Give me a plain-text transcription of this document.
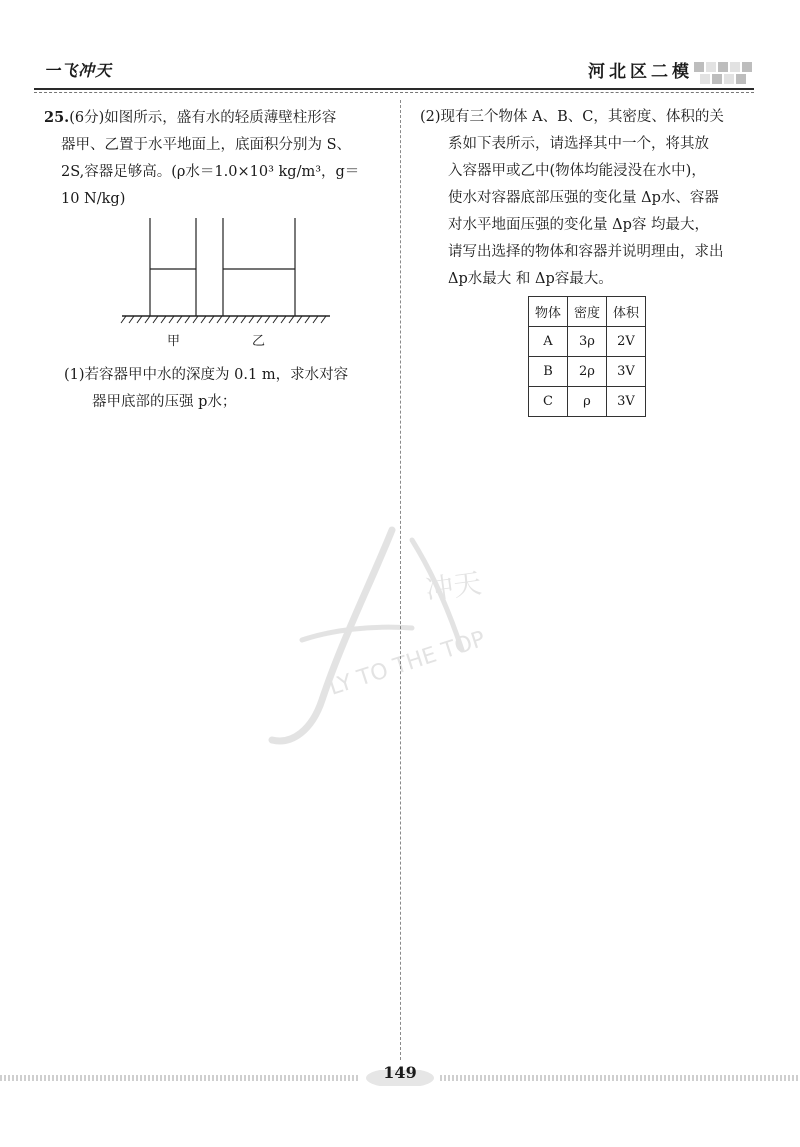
一飞冲天	河北区二模
25.(6分)如图所示，盛有水的轻质薄壁柱形容
器甲、乙置于水平地面上，底面积分别为 S、
2S,容器足够高。(ρ水＝1.0×10³ kg/m³，g＝
10 N/kg)
甲	乙
(1)若容器甲中水的深度为 0.1 m，求水对容
器甲底部的压强 p水；
(2)现有三个物体 A、B、C，其密度、体积的关
系如下表所示，请选择其中一个，将其放
入容器甲或乙中(物体均能浸没在水中)，
使水对容器底部压强的变化量 Δp水、容器
对水平地面压强的变化量 Δp容 均最大，
请写出选择的物体和容器并说明理由，求出
Δp水最大 和 Δp容最大。
物体	密度	体积
A	3ρ	2V
B	2ρ	3V
C	ρ	3V
冲天
LY TO THE TOP
149
